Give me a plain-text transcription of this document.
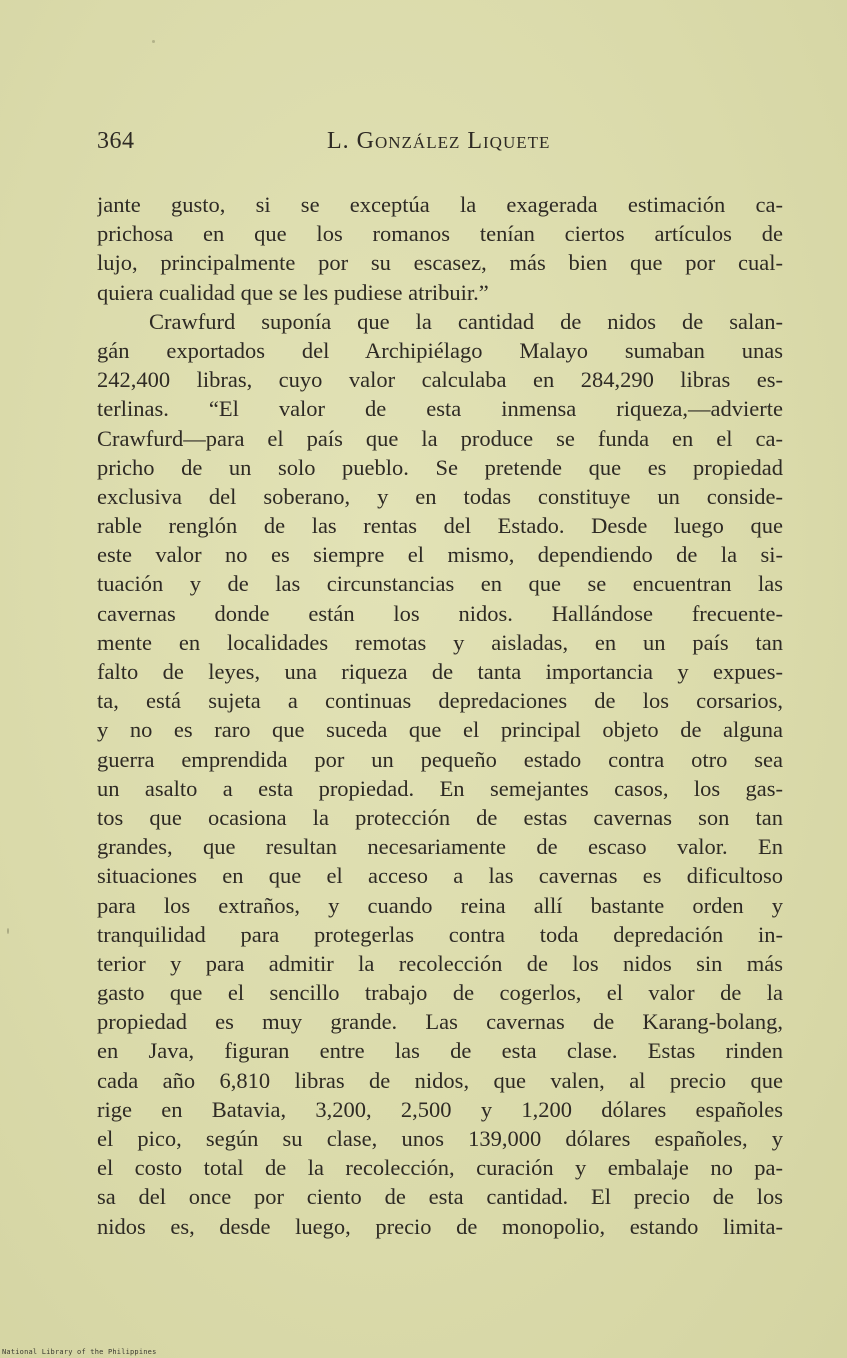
364	L. González Liquete
jante gusto, si se exceptúa la exagerada estimación ca-
prichosa en que los romanos tenían ciertos artículos de
lujo, principalmente por su escasez, más bien que por cual-
quiera cualidad que se les pudiese atribuir.”
Crawfurd suponía que la cantidad de nidos de salan-
gán exportados del Archipiélago Malayo sumaban unas
242,400 libras, cuyo valor calculaba en 284,290 libras es-
terlinas. “El valor de esta inmensa riqueza,—advierte
Crawfurd—para el país que la produce se funda en el ca-
pricho de un solo pueblo. Se pretende que es propiedad
exclusiva del soberano, y en todas constituye un conside-
rable renglón de las rentas del Estado. Desde luego que
este valor no es siempre el mismo, dependiendo de la si-
tuación y de las circunstancias en que se encuentran las
cavernas donde están los nidos. Hallándose frecuente-
mente en localidades remotas y aisladas, en un país tan
falto de leyes, una riqueza de tanta importancia y expues-
ta, está sujeta a continuas depredaciones de los corsarios,
y no es raro que suceda que el principal objeto de alguna
guerra emprendida por un pequeño estado contra otro sea
un asalto a esta propiedad. En semejantes casos, los gas-
tos que ocasiona la protección de estas cavernas son tan
grandes, que resultan necesariamente de escaso valor. En
situaciones en que el acceso a las cavernas es dificultoso
para los extraños, y cuando reina allí bastante orden y
tranquilidad para protegerlas contra toda depredación in-
terior y para admitir la recolección de los nidos sin más
gasto que el sencillo trabajo de cogerlos, el valor de la
propiedad es muy grande. Las cavernas de Karang-bolang,
en Java, figuran entre las de esta clase. Estas rinden
cada año 6,810 libras de nidos, que valen, al precio que
rige en Batavia, 3,200, 2,500 y 1,200 dólares españoles
el pico, según su clase, unos 139,000 dólares españoles, y
el costo total de la recolección, curación y embalaje no pa-
sa del once por ciento de esta cantidad. El precio de los
nidos es, desde luego, precio de monopolio, estando limita-
National Library of the Philippines
